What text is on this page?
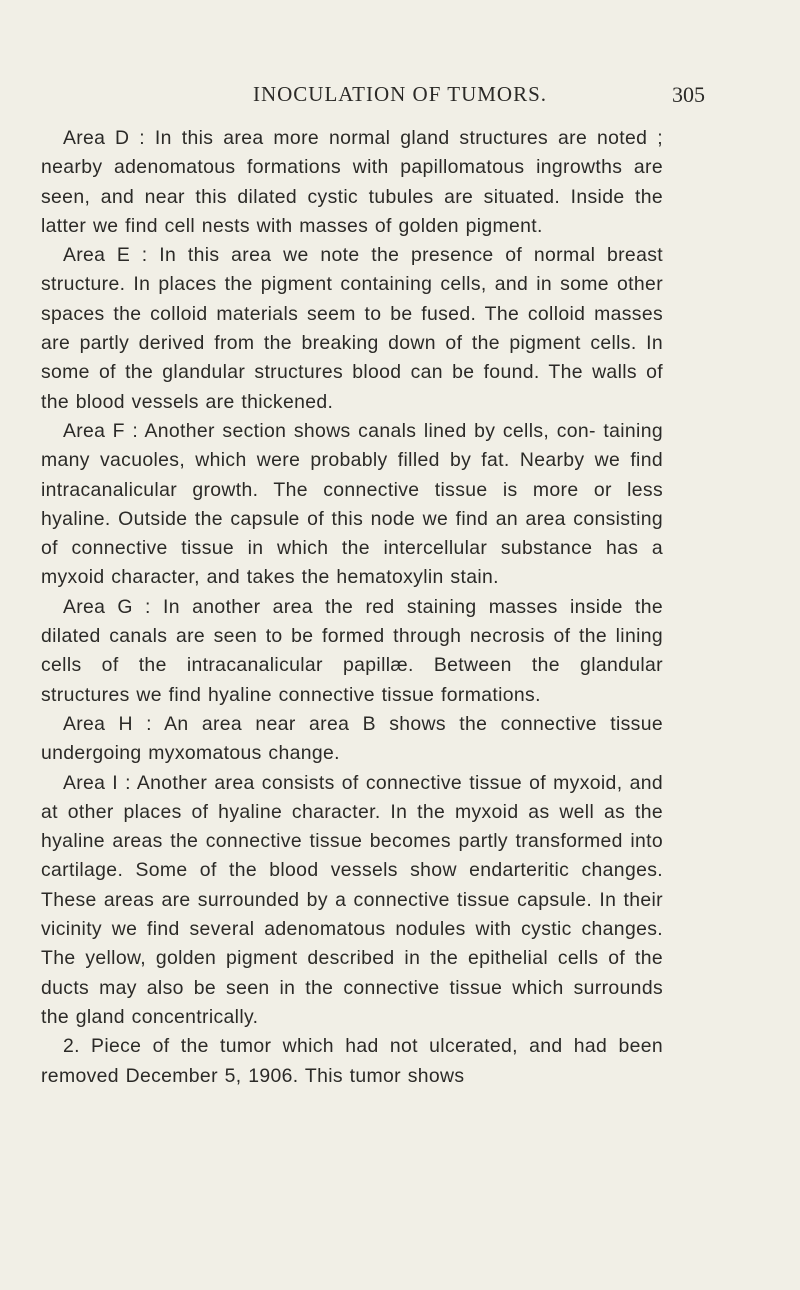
INOCULATION OF TUMORS.	305

Area D : In this area more normal gland structures are noted ; nearby adenomatous formations with papillomatous ingrowths are seen, and near this dilated cystic tubules are situated. Inside the latter we find cell nests with masses of golden pigment.

Area E : In this area we note the presence of normal breast structure. In places the pigment containing cells, and in some other spaces the colloid materials seem to be fused. The colloid masses are partly derived from the breaking down of the pigment cells. In some of the glandular structures blood can be found. The walls of the blood vessels are thickened.

Area F : Another section shows canals lined by cells, con- taining many vacuoles, which were probably filled by fat. Nearby we find intracanalicular growth. The connective tissue is more or less hyaline. Outside the capsule of this node we find an area consisting of connective tissue in which the intercellular substance has a myxoid character, and takes the hematoxylin stain.

Area G : In another area the red staining masses inside the dilated canals are seen to be formed through necrosis of the lining cells of the intracanalicular papillæ. Between the glandular structures we find hyaline connective tissue formations.

Area H : An area near area B shows the connective tissue undergoing myxomatous change.

Area I : Another area consists of connective tissue of myxoid, and at other places of hyaline character. In the myxoid as well as the hyaline areas the connective tissue becomes partly transformed into cartilage. Some of the blood vessels show endarteritic changes. These areas are surrounded by a connective tissue capsule. In their vicinity we find several adenomatous nodules with cystic changes. The yellow, golden pigment described in the epithelial cells of the ducts may also be seen in the connective tissue which surrounds the gland concentrically.

2. Piece of the tumor which had not ulcerated, and had been removed December 5, 1906. This tumor shows
